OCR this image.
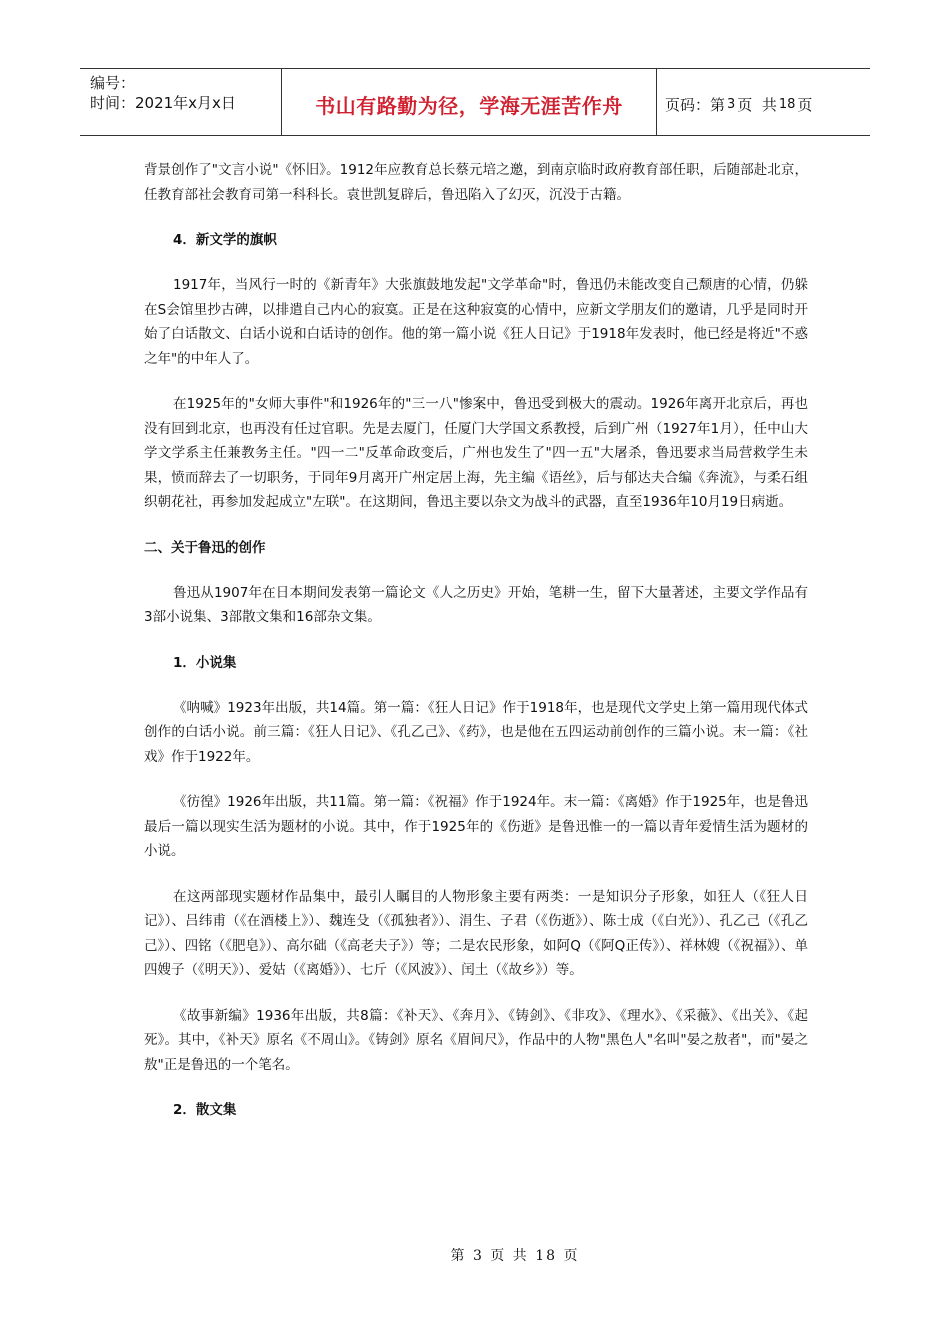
编号：
时间：2021年x月x日	书山有路勤为径，学海无涯苦作舟	页码：第 3 页  共 18 页

背景创作了"文言小说"《怀旧》。1912年应教育总长蔡元培之邀，到南京临时政府教育部任职，后随部赴北京，任教育部社会教育司第一科科长。袁世凯复辟后，鲁迅陷入了幻灭，沉没于古籍。

4．新文学的旗帜

1917年，当风行一时的《新青年》大张旗鼓地发起"文学革命"时，鲁迅仍未能改变自己颓唐的心情，仍躲在S会馆里抄古碑，以排遣自己内心的寂寞。正是在这种寂寞的心情中，应新文学朋友们的邀请，几乎是同时开始了白话散文、白话小说和白话诗的创作。他的第一篇小说《狂人日记》于1918年发表时，他已经是将近"不惑之年"的中年人了。

在1925年的"女师大事件"和1926年的"三一八"惨案中，鲁迅受到极大的震动。1926年离开北京后，再也没有回到北京，也再没有任过官职。先是去厦门，任厦门大学国文系教授，后到广州（1927年1月），任中山大学文学系主任兼教务主任。"四一二"反革命政变后，广州也发生了"四一五"大屠杀，鲁迅要求当局营救学生未果，愤而辞去了一切职务，于同年9月离开广州定居上海，先主编《语丝》，后与郁达夫合编《奔流》，与柔石组织朝花社，再参加发起成立"左联"。在这期间，鲁迅主要以杂文为战斗的武器，直至1936年10月19日病逝。

二、关于鲁迅的创作

鲁迅从1907年在日本期间发表第一篇论文《人之历史》开始，笔耕一生，留下大量著述，主要文学作品有3部小说集、3部散文集和16部杂文集。

1．小说集

《呐喊》1923年出版，共14篇。第一篇：《狂人日记》作于1918年，也是现代文学史上第一篇用现代体式创作的白话小说。前三篇：《狂人日记》、《孔乙己》、《药》，也是他在五四运动前创作的三篇小说。末一篇：《社戏》作于1922年。

《彷徨》1926年出版，共11篇。第一篇：《祝福》作于1924年。末一篇：《离婚》作于1925年，也是鲁迅最后一篇以现实生活为题材的小说。其中，作于1925年的《伤逝》是鲁迅惟一的一篇以青年爱情生活为题材的小说。

在这两部现实题材作品集中，最引人瞩目的人物形象主要有两类：一是知识分子形象，如狂人（《狂人日记》）、吕纬甫（《在酒楼上》）、魏连殳（《孤独者》）、涓生、子君（《伤逝》）、陈士成（《白光》）、孔乙己（《孔乙己》）、四铭（《肥皂》）、高尔础（《高老夫子》）等；二是农民形象，如阿Q（《阿Q正传》）、祥林嫂（《祝福》）、单四嫂子（《明天》）、爱姑（《离婚》）、七斤（《风波》）、闰土（《故乡》）等。

《故事新编》1936年出版，共8篇：《补天》、《奔月》、《铸剑》、《非攻》、《理水》、《采薇》、《出关》、《起死》。其中，《补天》原名《不周山》。《铸剑》原名《眉间尺》，作品中的人物"黑色人"名叫"晏之敖者"，而"晏之敖"正是鲁迅的一个笔名。

2．散文集
第 3 页 共 18 页
